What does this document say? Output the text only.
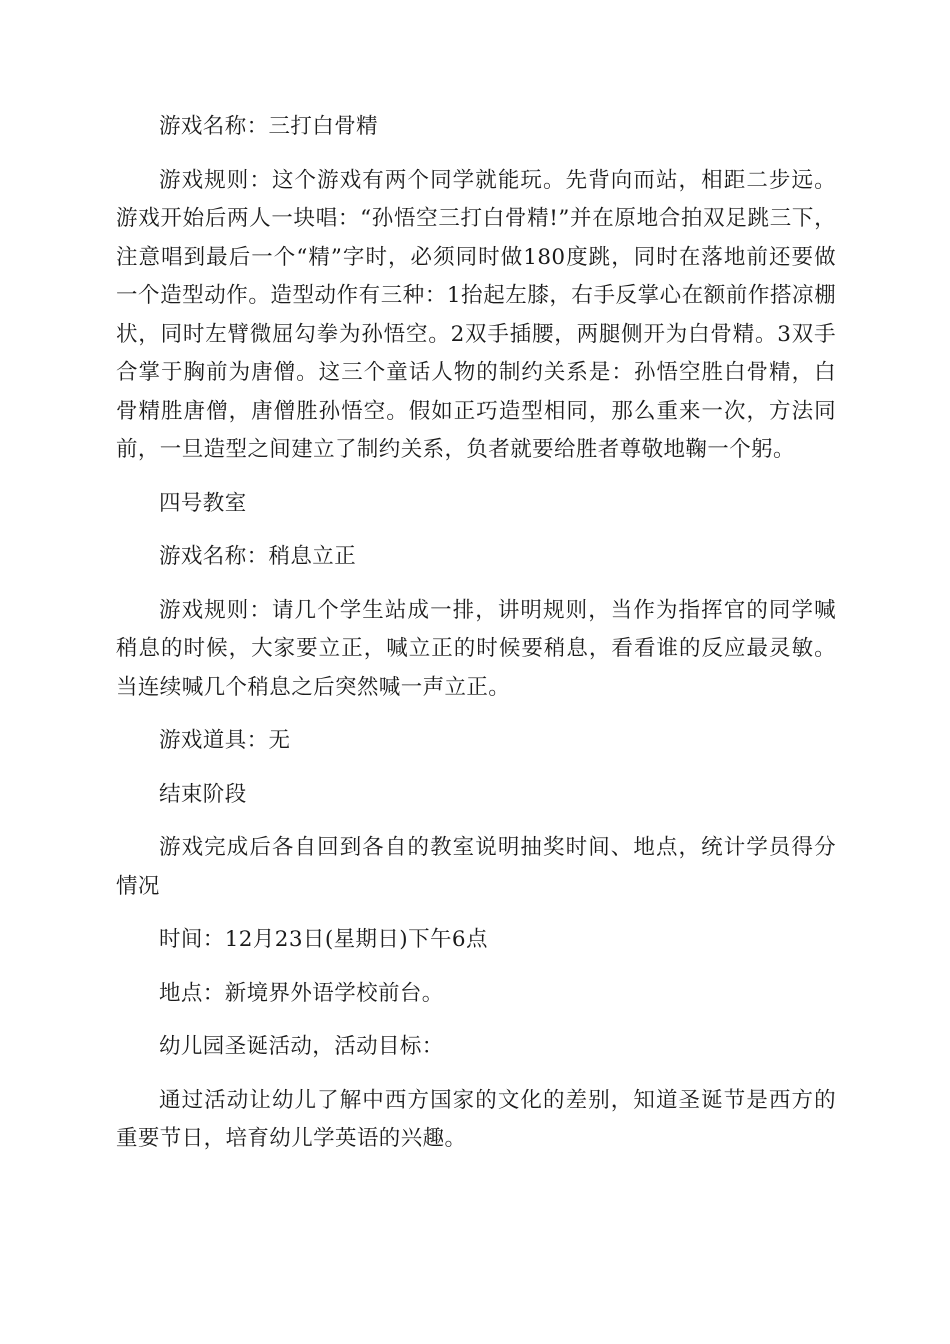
游戏名称：三打白骨精

游戏规则：这个游戏有两个同学就能玩。先背向而站，相距二步远。游戏开始后两人一块唱：“孙悟空三打白骨精!”并在原地合拍双足跳三下，注意唱到最后一个“精”字时，必须同时做180度跳，同时在落地前还要做一个造型动作。造型动作有三种：1抬起左膝，右手反掌心在额前作搭凉棚状，同时左臂微屈勾拳为孙悟空。2双手插腰，两腿侧开为白骨精。3双手合掌于胸前为唐僧。这三个童话人物的制约关系是：孙悟空胜白骨精，白骨精胜唐僧，唐僧胜孙悟空。假如正巧造型相同，那么重来一次，方法同前，一旦造型之间建立了制约关系，负者就要给胜者尊敬地鞠一个躬。

四号教室

游戏名称：稍息立正

游戏规则：请几个学生站成一排，讲明规则，当作为指挥官的同学喊稍息的时候，大家要立正，喊立正的时候要稍息，看看谁的反应最灵敏。当连续喊几个稍息之后突然喊一声立正。

游戏道具：无

结束阶段

游戏完成后各自回到各自的教室说明抽奖时间、地点，统计学员得分情况

时间：12月23日(星期日)下午6点

地点：新境界外语学校前台。

幼儿园圣诞活动，活动目标：

通过活动让幼儿了解中西方国家的文化的差别，知道圣诞节是西方的重要节日，培育幼儿学英语的兴趣。
